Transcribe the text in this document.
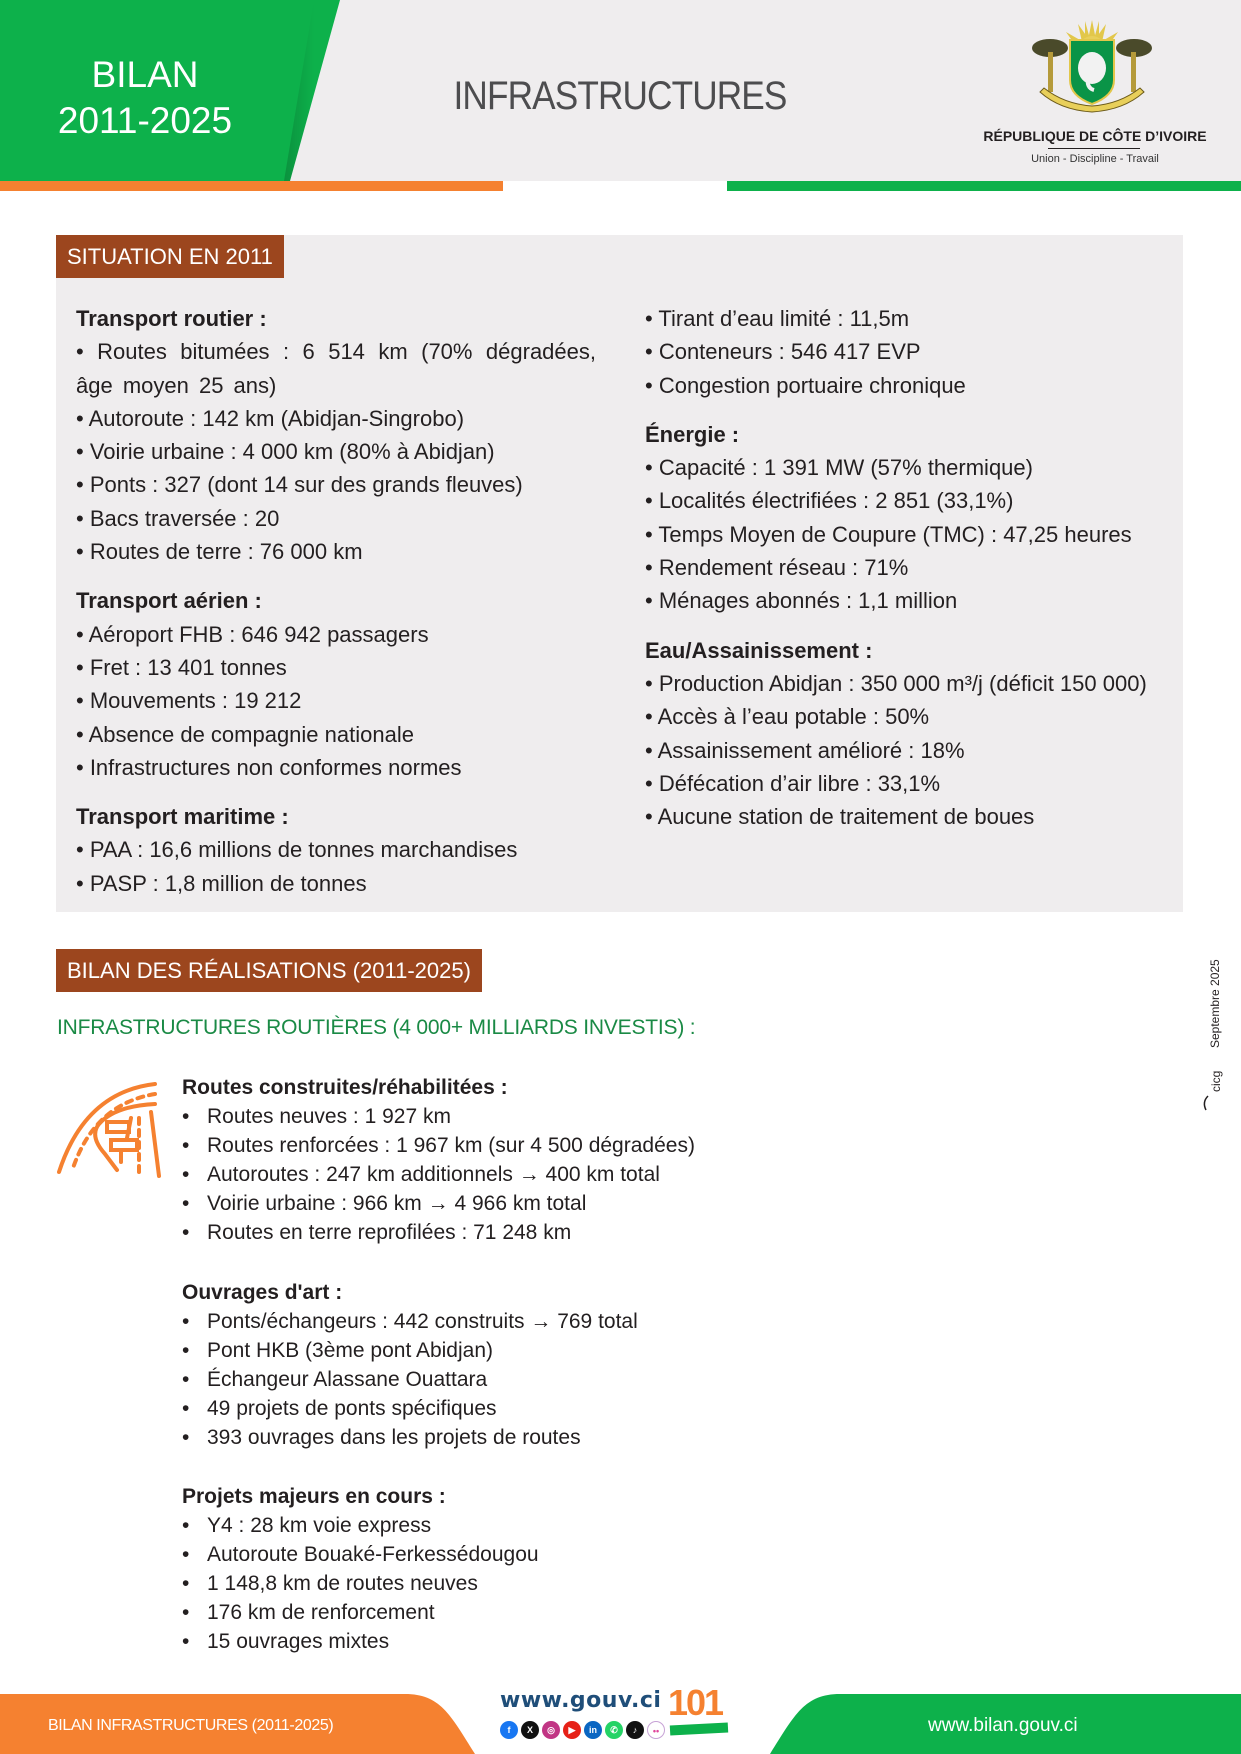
BILAN
2011-2025
INFRASTRUCTURES
RÉPUBLIQUE DE CÔTE D’IVOIRE
Union - Discipline - Travail
SITUATION EN 2011
Transport routier :
• Routes bitumées : 6 514 km (70% dégradées, âge moyen 25 ans)
• Autoroute : 142 km (Abidjan-Singrobo)
• Voirie urbaine : 4 000 km (80% à Abidjan)
• Ponts : 327 (dont 14 sur des grands fleuves)
• Bacs traversée : 20
• Routes de terre : 76 000 km
Transport aérien :
• Aéroport FHB : 646 942 passagers
• Fret : 13 401 tonnes
• Mouvements : 19 212
• Absence de compagnie nationale
• Infrastructures non conformes normes
Transport maritime :
• PAA : 16,6 millions de tonnes marchandises
• PASP : 1,8 million de tonnes
• Tirant d’eau limité : 11,5m
• Conteneurs : 546 417 EVP
• Congestion portuaire chronique
Énergie :
• Capacité : 1 391 MW (57% thermique)
• Localités électrifiées : 2 851 (33,1%)
• Temps Moyen de Coupure (TMC) : 47,25 heures
• Rendement réseau : 71%
• Ménages abonnés : 1,1 million
Eau/Assainissement :
• Production Abidjan : 350 000 m³/j (déficit 150 000)
• Accès à l’eau potable : 50%
• Assainissement amélioré : 18%
• Défécation d’air libre : 33,1%
• Aucune station de traitement de boues
BILAN DES RÉALISATIONS (2011-2025)
INFRASTRUCTURES ROUTIÈRES (4 000+ MILLIARDS INVESTIS) :
Routes construites/réhabilitées :
• Routes neuves : 1 927 km
• Routes renforcées : 1 967 km (sur 4 500 dégradées)
• Autoroutes : 247 km additionnels → 400 km total
• Voirie urbaine : 966 km → 4 966 km total
• Routes en terre reprofilées : 71 248 km
Ouvrages d'art :
• Ponts/échangeurs : 442 construits → 769 total
• Pont HKB (3ème pont Abidjan)
• Échangeur Alassane Ouattara
• 49 projets de ponts spécifiques
• 393 ouvrages dans les projets de routes
Projets majeurs en cours :
• Y4 : 28 km voie express
• Autoroute Bouaké-Ferkessédougou
• 1 148,8 km de routes neuves
• 176 km de renforcement
• 15 ouvrages mixtes
Septembre 2025
cicg
BILAN INFRASTRUCTURES (2011-2025)
www.gouv.ci
f	X	◎	▶	in	✆	♪	••
101
www.bilan.gouv.ci
